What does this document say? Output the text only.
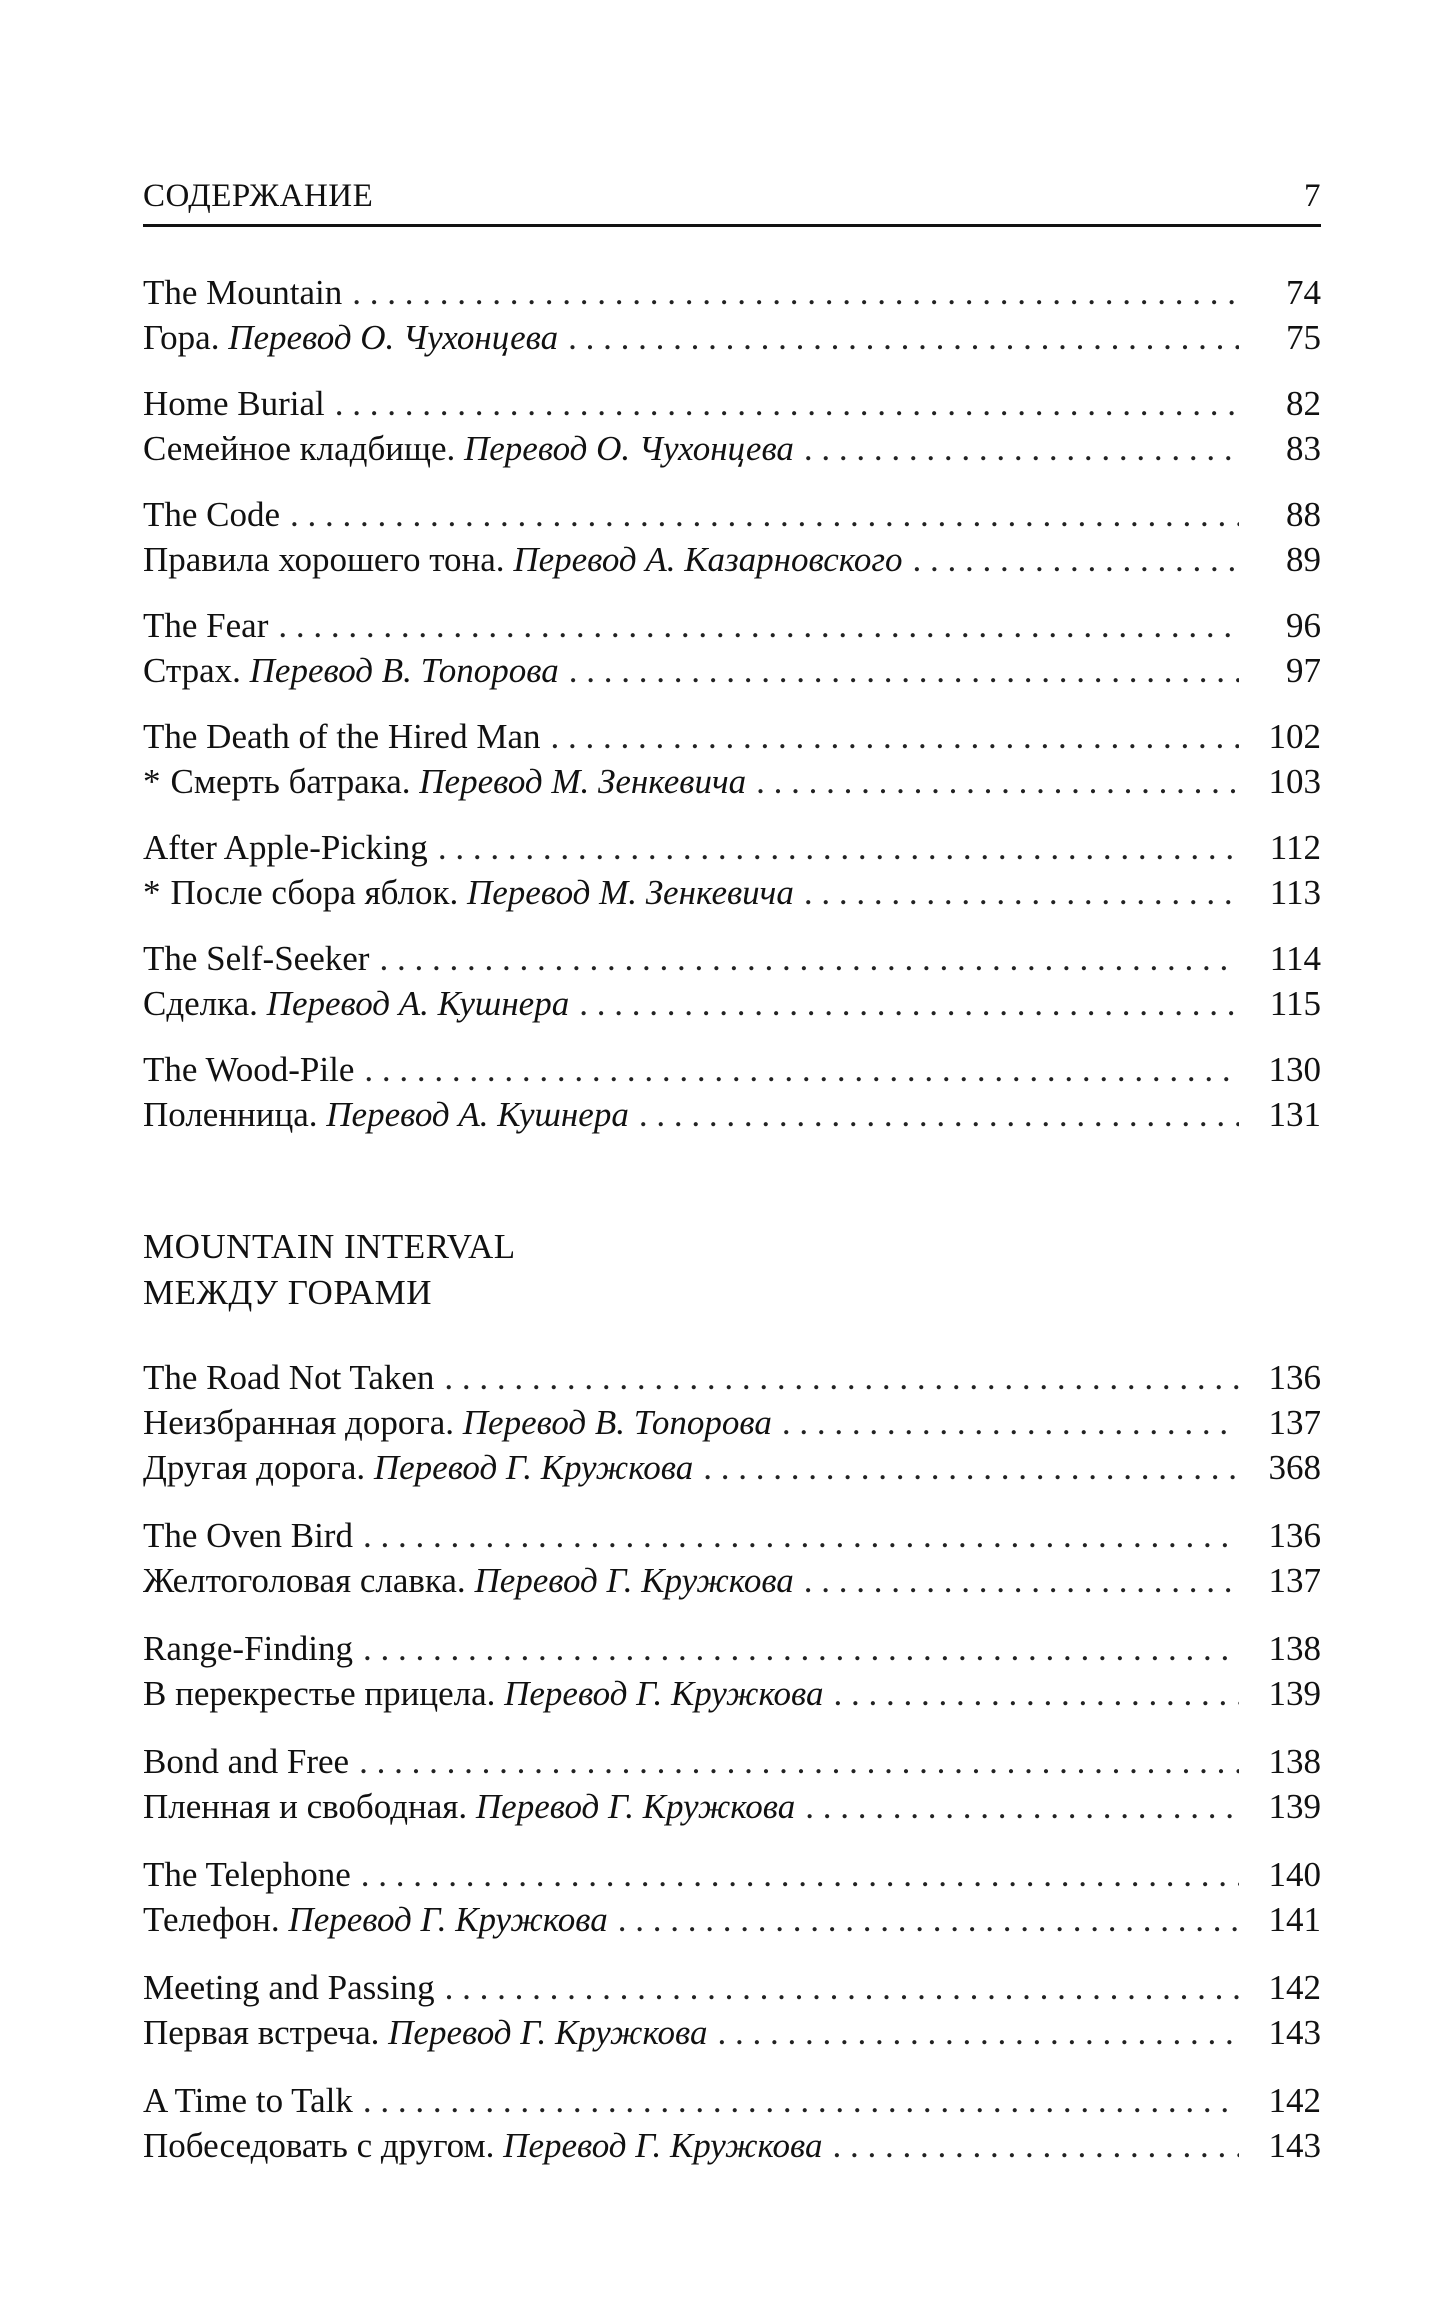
СОДЕРЖАНИЕ	7
The Mountain . . .	74
Гора. Перевод О. Чухонцева . . .	75
Home Burial . . .	82
Семейное кладбище. Перевод О. Чухонцева . . .	83
The Code . . .	88
Правила хорошего тона. Перевод А. Казарновского . . .	89
The Fear . . .	96
Страх. Перевод В. Топорова . . .	97
The Death of the Hired Man . . .	102
* Смерть батрака. Перевод М. Зенкевича . . .	103
After Apple-Picking . . .	112
* После сбора яблок. Перевод М. Зенкевича . . .	113
The Self-Seeker . . .	114
Сделка. Перевод А. Кушнера . . .	115
The Wood-Pile . . .	130
Поленница. Перевод А. Кушнера . . .	131
MOUNTAIN INTERVAL
МЕЖДУ ГОРАМИ
The Road Not Taken . . .	136
Неизбранная дорога. Перевод В. Топорова . . .	137
Другая дорога. Перевод Г. Кружкова . . .	368
The Oven Bird . . .	136
Желтоголовая славка. Перевод Г. Кружкова . . .	137
Range-Finding . . .	138
В перекрестье прицела. Перевод Г. Кружкова . . .	139
Bond and Free . . .	138
Пленная и свободная. Перевод Г. Кружкова . . .	139
The Telephone . . .	140
Телефон. Перевод Г. Кружкова . . .	141
Meeting and Passing . . .	142
Первая встреча. Перевод Г. Кружкова . . .	143
A Time to Talk . . .	142
Побеседовать с другом. Перевод Г. Кружкова . . .	143
